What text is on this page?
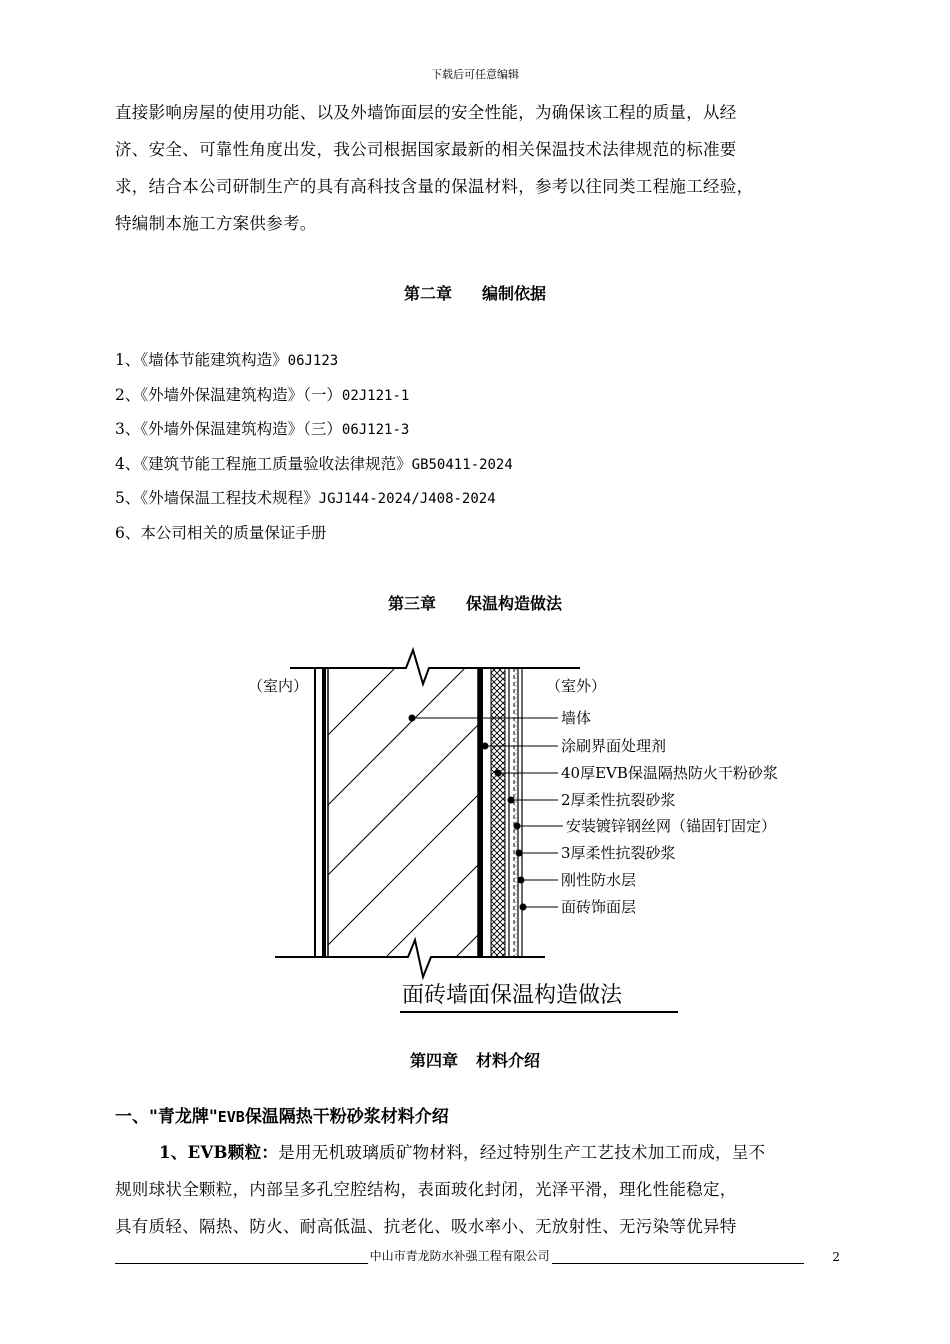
下载后可任意编辑

直接影响房屋的使用功能、以及外墙饰面层的安全性能，为确保该工程的质量，从经
济、安全、可靠性角度出发，我公司根据国家最新的相关保温技术法律规范的标准要
求，结合本公司研制生产的具有高科技含量的保温材料，参考以往同类工程施工经验，
特编制本施工方案供参考。

第二章 编制依据
1、《墙体节能建筑构造》06J123
2、《外墙外保温建筑构造》（一）02J121-1
3、《外墙外保温建筑构造》（三）06J121-3
4、《建筑节能工程施工质量验收法律规范》GB50411-2024
5、《外墙保温工程技术规程》JGJ144-2024/J408-2024
6、本公司相关的质量保证手册
第三章 保温构造做法
（室内）	（室外）
墙体
涂刷界面处理剂
40厚EVB保温隔热防火干粉砂浆
2厚柔性抗裂砂浆
安装镀锌钢丝网（锚固钉固定）
3厚柔性抗裂砂浆
刚性防水层
面砖饰面层
面砖墙面保温构造做法
第四章 材料介绍
一、"青龙牌"EVB保温隔热干粉砂浆材料介绍

1、EVB颗粒：是用无机玻璃质矿物材料，经过特别生产工艺技术加工而成，呈不
规则球状全颗粒，内部呈多孔空腔结构，表面玻化封闭，光泽平滑，理化性能稳定，
具有质轻、隔热、防火、耐高低温、抗老化、吸水率小、无放射性、无污染等优异特

中山市青龙防水补强工程有限公司	2
